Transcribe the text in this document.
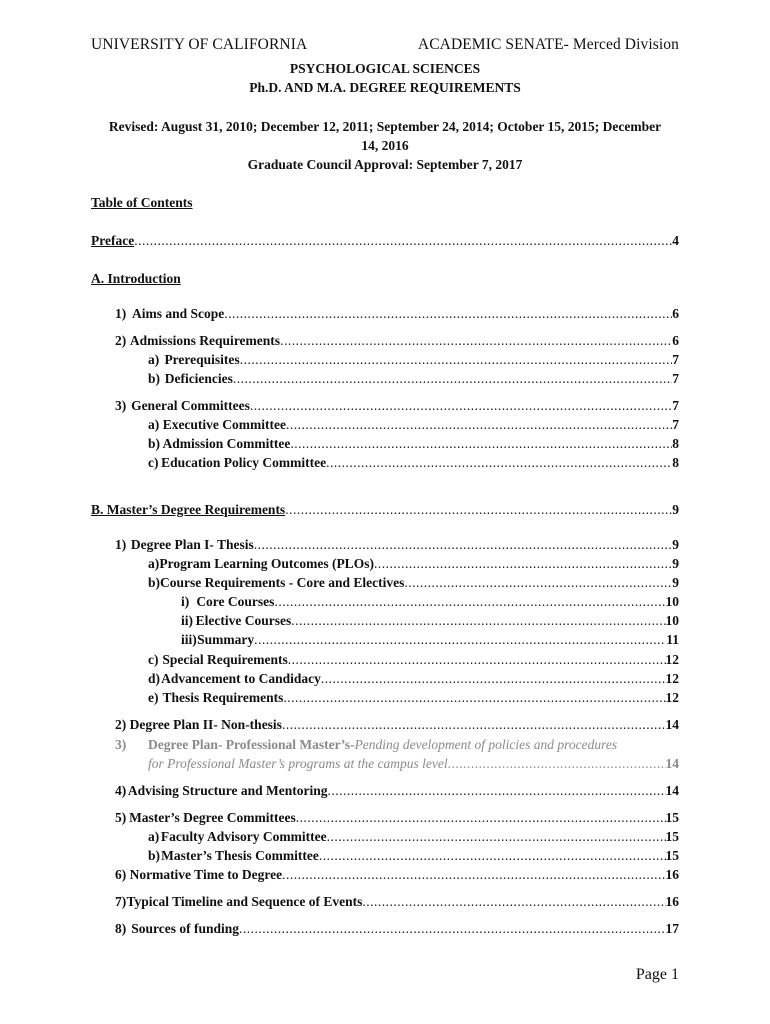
UNIVERSITY OF CALIFORNIA	ACADEMIC SENATE- Merced Division
PSYCHOLOGICAL SCIENCES
Ph.D. AND M.A. DEGREE REQUIREMENTS
Revised: August 31, 2010; December 12, 2011; September 24, 2014; October 15, 2015; December
14, 2016
Graduate Council Approval: September 7, 2017
Table of Contents
Preface .....	4
A. Introduction
1) Aims and Scope .....	6
2) Admissions Requirements .....	6
a) Prerequisites .....	7
b) Deficiencies .....	7
3) General Committees .....	7
a) Executive Committee .....	7
b) Admission Committee .....	8
c) Education Policy Committee .....	8
B. Master’s Degree Requirements .....	9
1) Degree Plan I- Thesis .....	9
a) Program Learning Outcomes (PLOs) .....	9
b) Course Requirements - Core and Electives .....	9
i) Core Courses .....	10
ii) Elective Courses .....	10
iii) Summary .....	11
c) Special Requirements .....	12
d) Advancement to Candidacy .....	12
e) Thesis Requirements .....	12
2) Degree Plan II- Non-thesis .....	14
3)	Degree Plan- Professional Master’s- Pending development of policies and procedures
for Professional Master’s programs at the campus level .....	14
4) Advising Structure and Mentoring .....	14
5) Master’s Degree Committees .....	15
a) Faculty Advisory Committee .....	15
b) Master’s Thesis Committee .....	15
6) Normative Time to Degree .....	16
7) Typical Timeline and Sequence of Events .....	16
8) Sources of funding .....	17
Page 1
